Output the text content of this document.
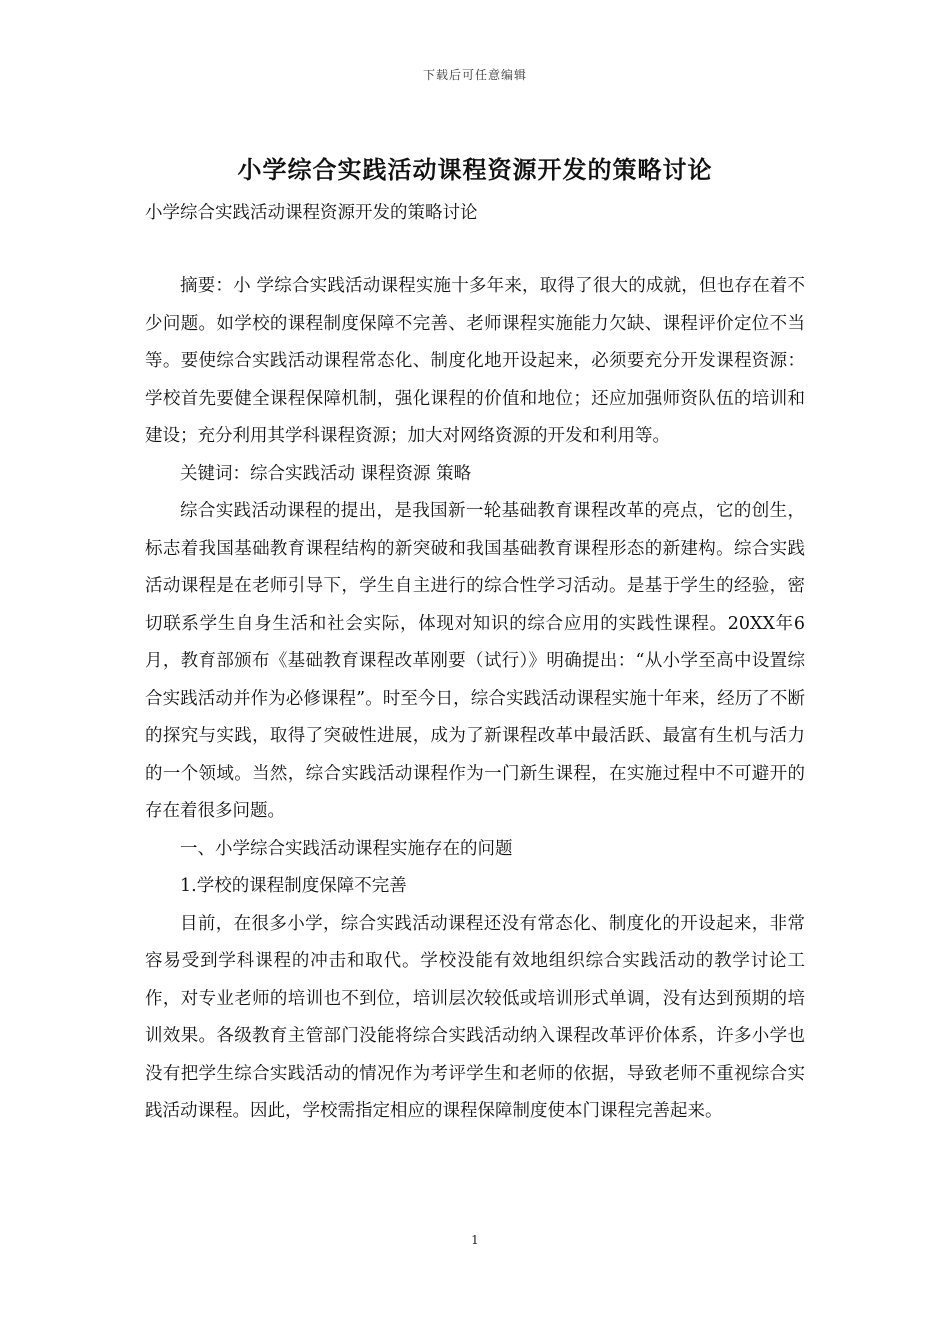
下载后可任意编辑
小学综合实践活动课程资源开发的策略讨论

小学综合实践活动课程资源开发的策略讨论

摘要：小 学综合实践活动课程实施十多年来，取得了很大的成就，但也存在着不少问题。如学校的课程制度保障不完善、老师课程实施能力欠缺、课程评价定位不当等。要使综合实践活动课程常态化、制度化地开设起来，必须要充分开发课程资源：学校首先要健全课程保障机制，强化课程的价值和地位；还应加强师资队伍的培训和建设；充分利用其学科课程资源；加大对网络资源的开发和利用等。

关键词：综合实践活动 课程资源 策略

综合实践活动课程的提出，是我国新一轮基础教育课程改革的亮点，它的创生，标志着我国基础教育课程结构的新突破和我国基础教育课程形态的新建构。综合实践活动课程是在老师引导下，学生自主进行的综合性学习活动。是基于学生的经验，密切联系学生自身生活和社会实际，体现对知识的综合应用的实践性课程。20XX年6月，教育部颁布《基础教育课程改革刚要（试行）》明确提出：“从小学至高中设置综合实践活动并作为必修课程”。时至今日，综合实践活动课程实施十年来，经历了不断的探究与实践，取得了突破性进展，成为了新课程改革中最活跃、最富有生机与活力的一个领域。当然，综合实践活动课程作为一门新生课程，在实施过程中不可避开的存在着很多问题。

一、小学综合实践活动课程实施存在的问题

1.学校的课程制度保障不完善

目前，在很多小学，综合实践活动课程还没有常态化、制度化的开设起来，非常容易受到学科课程的冲击和取代。学校没能有效地组织综合实践活动的教学讨论工作，对专业老师的培训也不到位，培训层次较低或培训形式单调，没有达到预期的培训效果。各级教育主管部门没能将综合实践活动纳入课程改革评价体系，许多小学也没有把学生综合实践活动的情况作为考评学生和老师的依据，导致老师不重视综合实践活动课程。因此，学校需指定相应的课程保障制度使本门课程完善起来。

1
